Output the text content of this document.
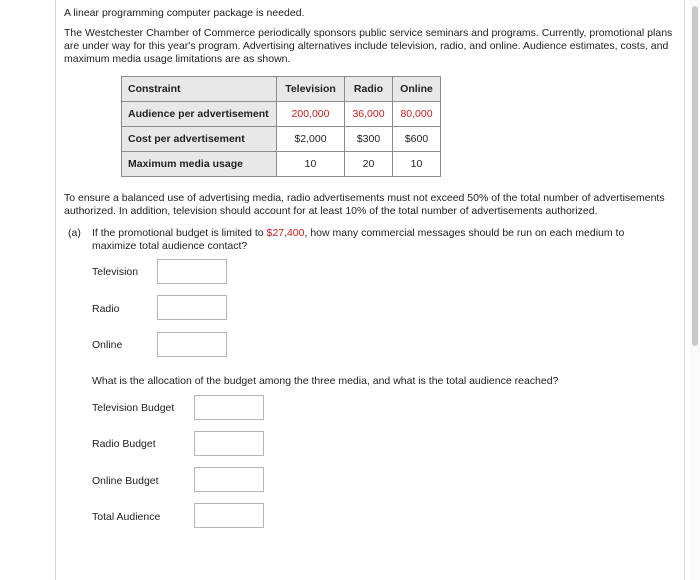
A linear programming computer package is needed.
The Westchester Chamber of Commerce periodically sponsors public service seminars and programs. Currently, promotional plans are under way for this year's program. Advertising alternatives include television, radio, and online. Audience estimates, costs, and maximum media usage limitations are as shown.
Constraint	Television	Radio	Online
Audience per advertisement	200,000	36,000	80,000
Cost per advertisement	$2,000	$300	$600
Maximum media usage	10	20	10
To ensure a balanced use of advertising media, radio advertisements must not exceed 50% of the total number of advertisements authorized. In addition, television should account for at least 10% of the total number of advertisements authorized.
(a) If the promotional budget is limited to $27,400, how many commercial messages should be run on each medium to maximize total audience contact?
Television
Radio
Online
What is the allocation of the budget among the three media, and what is the total audience reached?
Television Budget
Radio Budget
Online Budget
Total Audience
